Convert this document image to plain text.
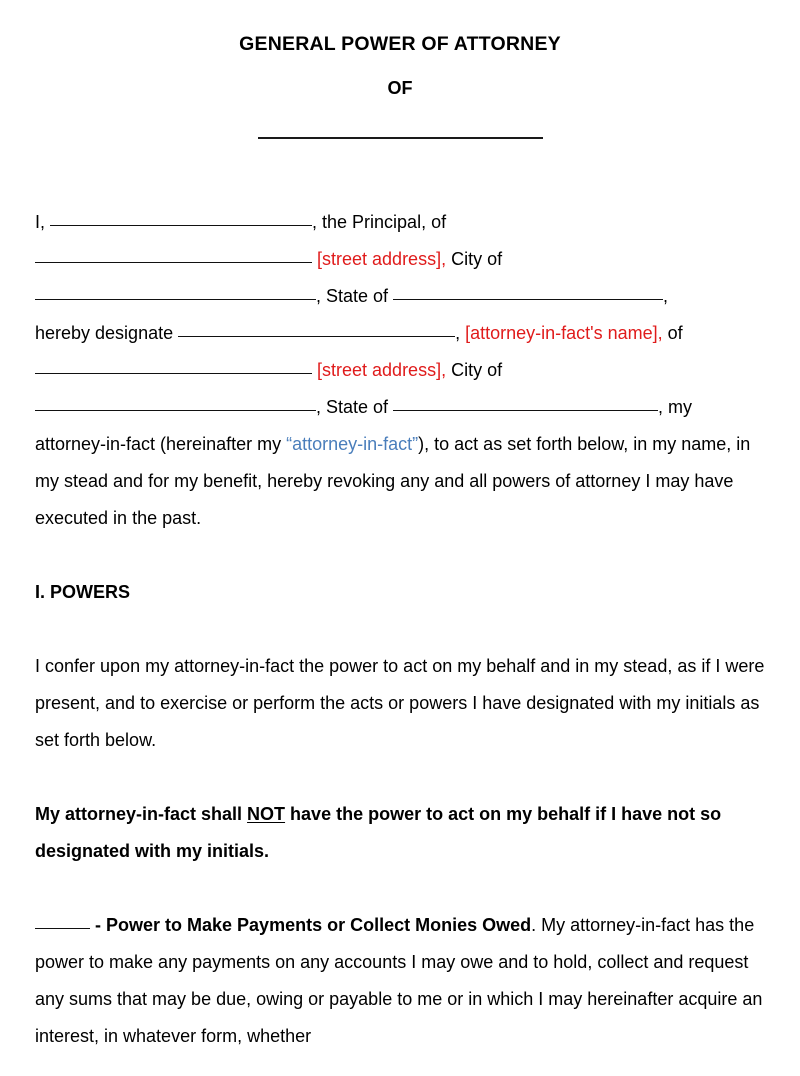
GENERAL POWER OF ATTORNEY
OF
I,	, the Principal, of
[street address], City of
, State of	,
hereby designate	, [attorney-in-fact's name], of
[street address], City of
, State of	, my
attorney-in-fact (hereinafter my “attorney-in-fact”), to act as set forth below, in my name, in my stead and for my benefit, hereby revoking any and all powers of attorney I may have executed in the past.
I. POWERS
I confer upon my attorney-in-fact the power to act on my behalf and in my stead, as if I were present, and to exercise or perform the acts or powers I have designated with my initials as set forth below.
My attorney-in-fact shall NOT have the power to act on my behalf if I have not so designated with my initials.
- Power to Make Payments or Collect Monies Owed. My attorney-in-fact has the power to make any payments on any accounts I may owe and to hold, collect and request any sums that may be due, owing or payable to me or in which I may hereinafter acquire an interest, in whatever form, whether
